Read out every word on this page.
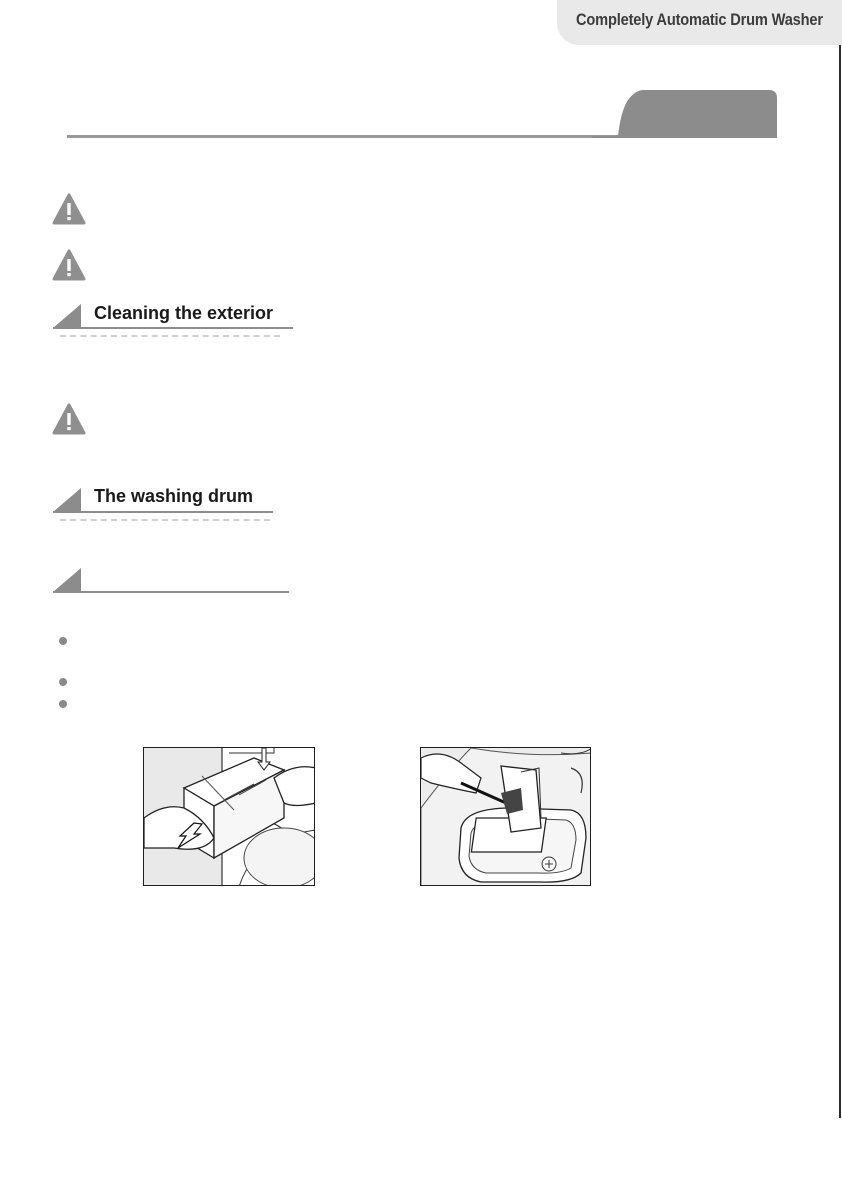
Completely Automatic Drum Washer
Cleaning the exterior
The washing drum
